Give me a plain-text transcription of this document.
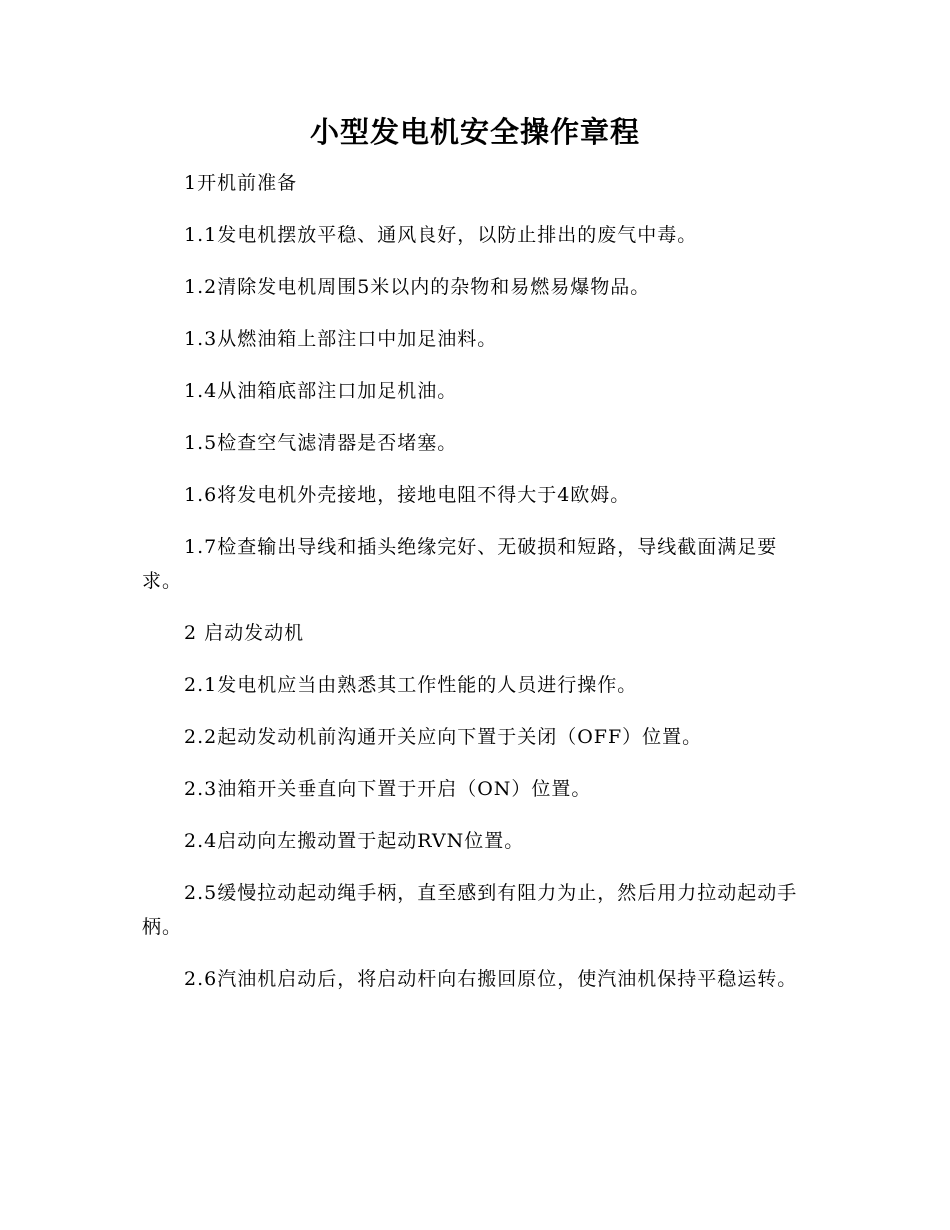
小型发电机安全操作章程

1开机前准备

1.1发电机摆放平稳、通风良好，以防止排出的废气中毒。

1.2清除发电机周围5米以内的杂物和易燃易爆物品。

1.3从燃油箱上部注口中加足油料。

1.4从油箱底部注口加足机油。

1.5检查空气滤清器是否堵塞。

1.6将发电机外壳接地，接地电阻不得大于4欧姆。

1.7检查输出导线和插头绝缘完好、无破损和短路，导线截面满足要求。

2 启动发动机

2.1发电机应当由熟悉其工作性能的人员进行操作。

2.2起动发动机前沟通开关应向下置于关闭（OFF）位置。

2.3油箱开关垂直向下置于开启（ON）位置。

2.4启动向左搬动置于起动RVN位置。

2.5缓慢拉动起动绳手柄，直至感到有阻力为止，然后用力拉动起动手柄。

2.6汽油机启动后，将启动杆向右搬回原位，使汽油机保持平稳运转。
